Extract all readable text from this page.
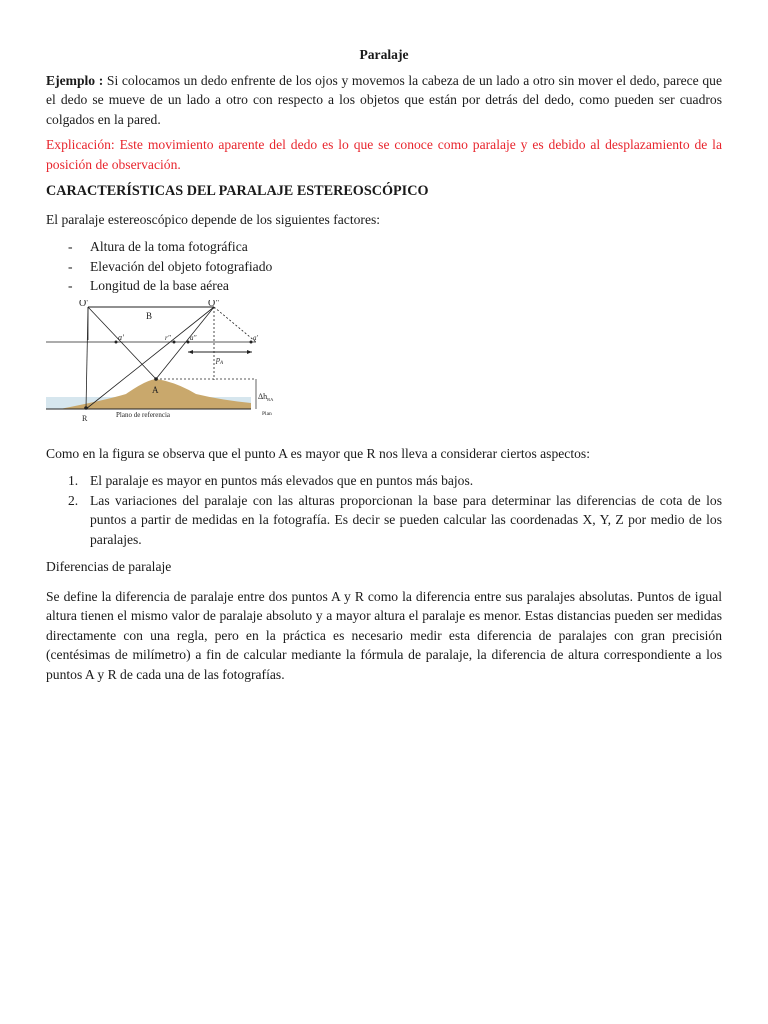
Paralaje

Ejemplo : Si colocamos un dedo enfrente de los ojos y movemos la cabeza de un lado a otro sin mover el dedo, parece que el dedo se mueve de un lado a otro con respecto a los objetos que están por detrás del dedo, como pueden ser cuadros colgados en la pared.

Explicación: Este movimiento aparente del dedo es lo que se conoce como paralaje y es debido al desplazamiento de la posición de observación.

CARACTERÍSTICAS DEL PARALAJE ESTEREOSCÓPICO

El paralaje estereoscópico depende de los siguientes factores:

- Altura de la toma fotográfica
- Elevación del objeto fotografiado
- Longitud de la base aérea
O'	O"
B
a'	r"	a"	a'
$p_A$
A
R	Plano de referencia
$\Delta h_{RA}$
Plan

Como en la figura se observa que el punto A es mayor que R nos lleva a considerar ciertos aspectos:

1. El paralaje es mayor en puntos más elevados que en puntos más bajos.
2. Las variaciones del paralaje con las alturas proporcionan la base para determinar las diferencias de cota de los puntos a partir de medidas en la fotografía. Es decir se pueden calcular las coordenadas X, Y, Z por medio de los paralajes.

Diferencias de paralaje

Se define la diferencia de paralaje entre dos puntos A y R como la diferencia entre sus paralajes absolutas. Puntos de igual altura tienen el mismo valor de paralaje absoluto y a mayor altura el paralaje es menor. Estas distancias pueden ser medidas directamente con una regla, pero en la práctica es necesario medir esta diferencia de paralajes con gran precisión (centésimas de milímetro) a fin de calcular mediante la fórmula de paralaje, la diferencia de altura correspondiente a los puntos A y R de cada una de las fotografías.
